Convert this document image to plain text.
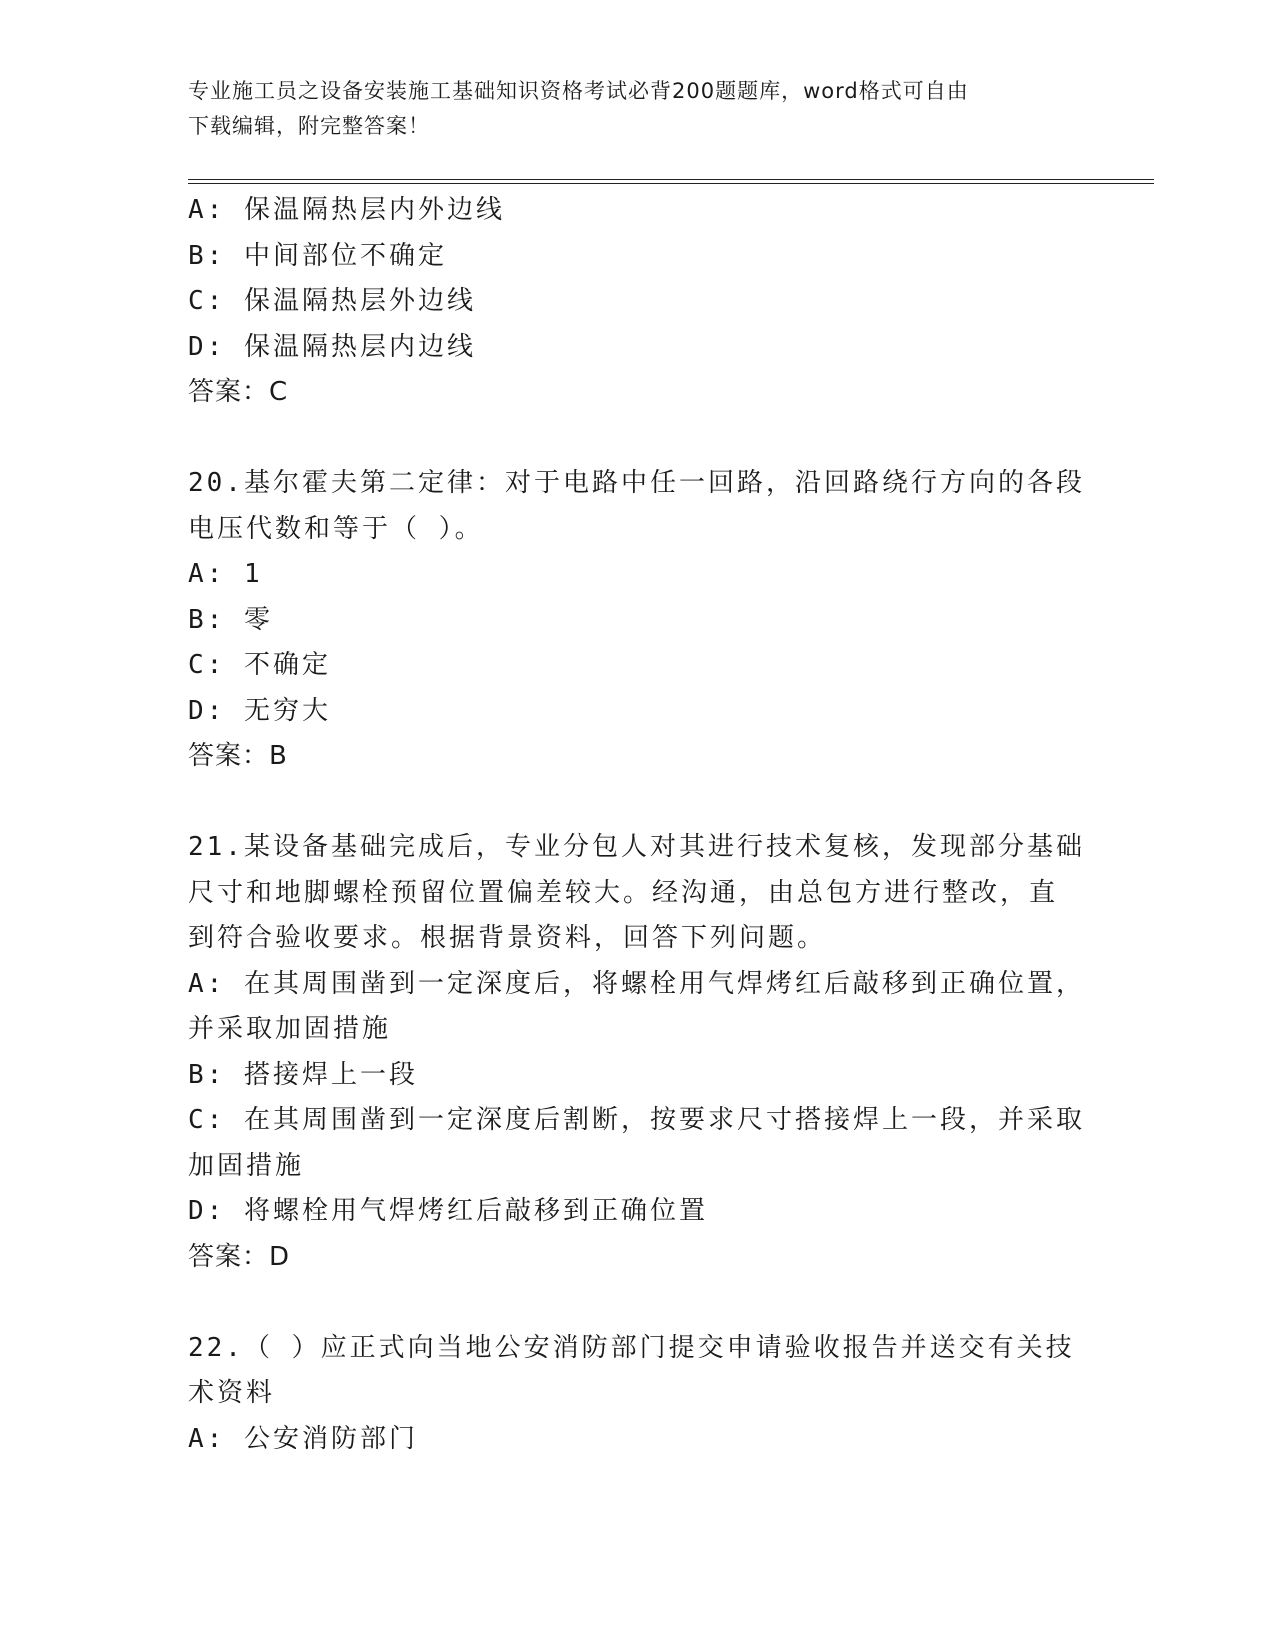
专业施工员之设备安装施工基础知识资格考试必背200题题库，word格式可自由
下载编辑，附完整答案！
A: 保温隔热层内外边线
B: 中间部位不确定
C: 保温隔热层外边线
D: 保温隔热层内边线
答案：C
20.基尔霍夫第二定律：对于电路中任一回路，沿回路绕行方向的各段
电压代数和等于（ ）。
A: 1
B: 零
C: 不确定
D: 无穷大
答案：B
21.某设备基础完成后，专业分包人对其进行技术复核，发现部分基础
尺寸和地脚螺栓预留位置偏差较大。经沟通，由总包方进行整改，直
到符合验收要求。根据背景资料，回答下列问题。
A: 在其周围凿到一定深度后，将螺栓用气焊烤红后敲移到正确位置，
并采取加固措施
B: 搭接焊上一段
C: 在其周围凿到一定深度后割断，按要求尺寸搭接焊上一段，并采取
加固措施
D: 将螺栓用气焊烤红后敲移到正确位置
答案：D
22.（ ）应正式向当地公安消防部门提交申请验收报告并送交有关技
术资料
A: 公安消防部门
